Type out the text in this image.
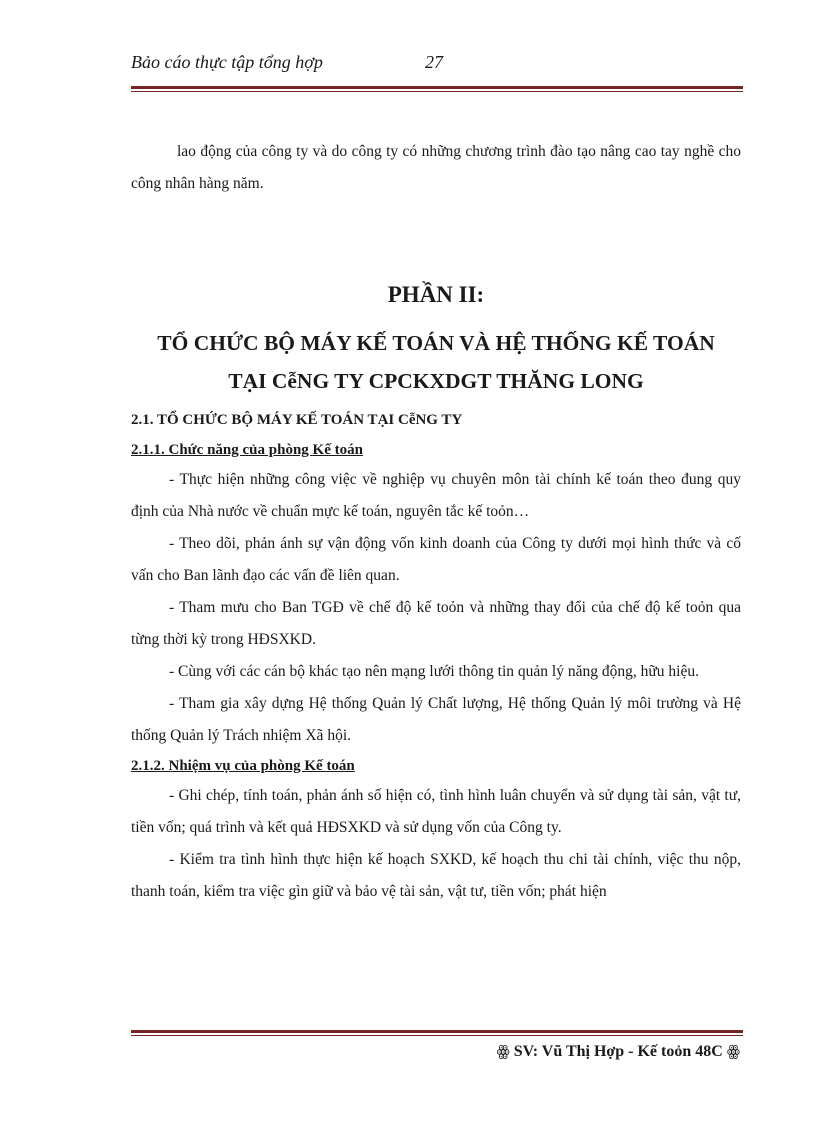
Bảo cáo thực tập tổng hợp	27

lao động của công ty và do công ty có những chương trình đào tạo nâng cao tay nghề cho công nhân hàng năm.

PHẦN II:

TỔ CHỨC BỘ MÁY KẾ TOÁN VÀ HỆ THỐNG KẾ TOÁN

TẠI CễNG TY CPCKXDGT THĂNG LONG

2.1. TỔ CHỨC BỘ MÁY KẾ TOÁN TẠI CễNG TY

2.1.1. Chức năng của phòng Kế toán

- Thực hiện những công việc về nghiệp vụ chuyên môn tài chính kế toán theo đung quy định của Nhà nước về chuẩn mực kế toán, nguyên tắc kế toỏn…

- Theo dõi, phản ánh sự vận động vốn kinh doanh của Công ty dưới mọi hình thức và cố vấn cho Ban lãnh đạo các vấn đề liên quan.

- Tham mưu cho Ban TGĐ về chế độ kế toỏn và những thay đổi của chế độ kế toỏn qua từng thời kỳ trong HĐSXKD.

- Cùng với các cán bộ khác tạo nên mạng lưới thông tin quản lý năng động, hữu hiệu.

- Tham gia xây dựng Hệ thống Quản lý Chất lượng, Hệ thống Quản lý môi trường và Hệ thống Quản lý Trách nhiệm Xã hội.

2.1.2. Nhiệm vụ của phòng Kế toán

- Ghi chép, tính toán, phản ánh số hiện có, tình hình luân chuyển và sử dụng tài sản, vật tư, tiền vốn; quá trình và kết quả HĐSXKD và sử dụng vốn của Công ty.

- Kiểm tra tình hình thực hiện kế hoạch SXKD, kế hoạch thu chi tài chính, việc thu nộp, thanh toán, kiểm tra việc gìn giữ và bảo vệ tài sản, vật tư, tiền vốn; phát hiện

ꙮ SV: Vũ Thị Hợp - Kế toỏn 48C ꙮ
